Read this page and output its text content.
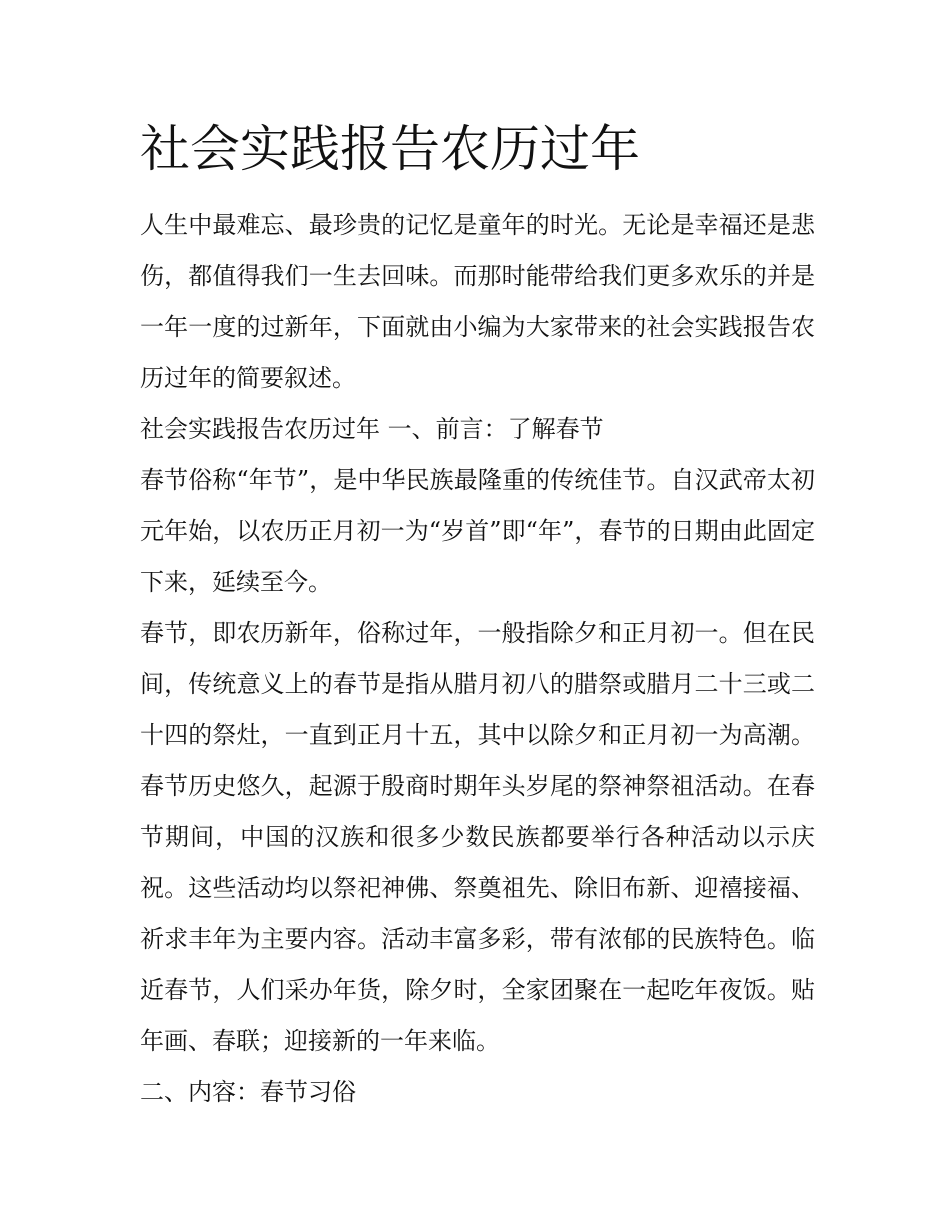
社会实践报告农历过年

人生中最难忘、最珍贵的记忆是童年的时光。无论是幸福还是悲伤，都值得我们一生去回味。而那时能带给我们更多欢乐的并是一年一度的过新年，下面就由小编为大家带来的社会实践报告农历过年的简要叙述。

社会实践报告农历过年 一、前言：了解春节

春节俗称“年节”，是中华民族最隆重的传统佳节。自汉武帝太初元年始，以农历正月初一为“岁首”即“年”，春节的日期由此固定下来，延续至今。

春节，即农历新年，俗称过年，一般指除夕和正月初一。但在民间，传统意义上的春节是指从腊月初八的腊祭或腊月二十三或二十四的祭灶，一直到正月十五，其中以除夕和正月初一为高潮。春节历史悠久，起源于殷商时期年头岁尾的祭神祭祖活动。在春节期间，中国的汉族和很多少数民族都要举行各种活动以示庆祝。这些活动均以祭祀神佛、祭奠祖先、除旧布新、迎禧接福、祈求丰年为主要内容。活动丰富多彩，带有浓郁的民族特色。临近春节，人们采办年货，除夕时，全家团聚在一起吃年夜饭。贴年画、春联；迎接新的一年来临。

二、内容：春节习俗
